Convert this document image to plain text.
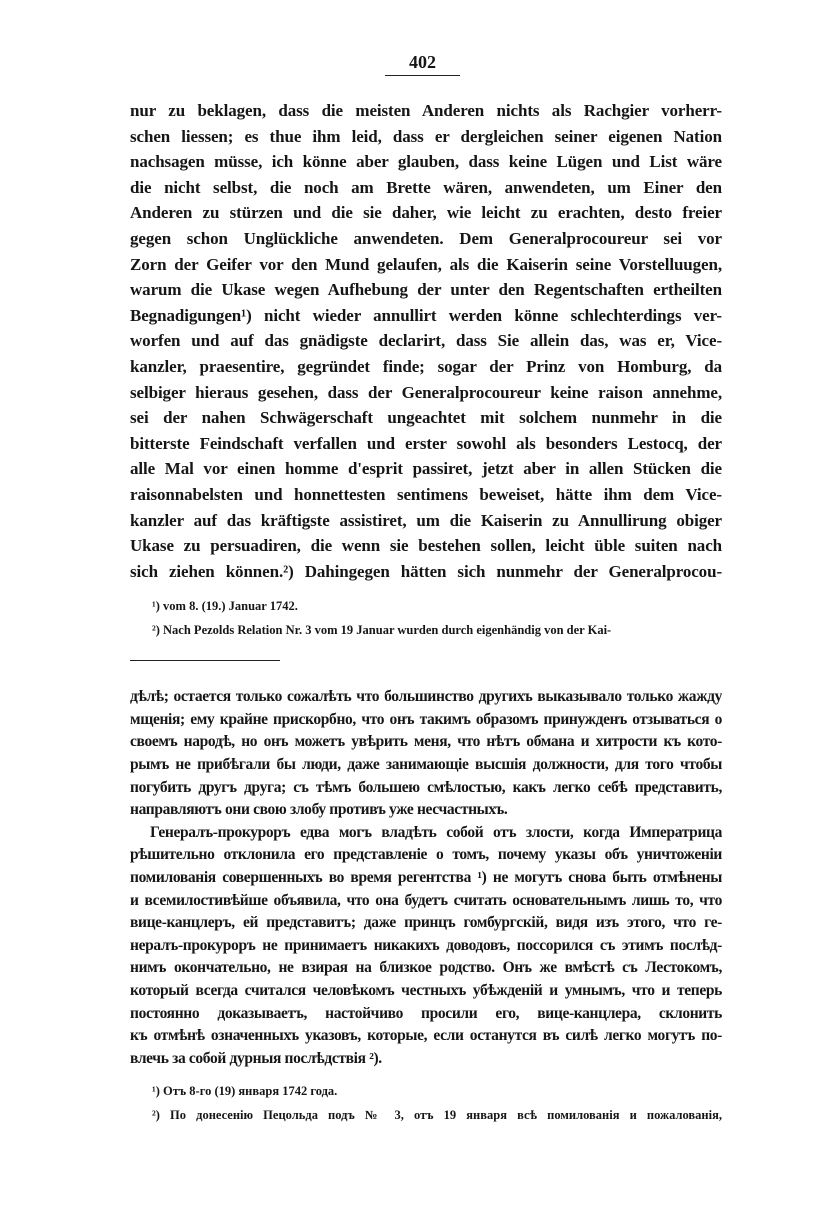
402
nur zu beklagen, dass die meisten Anderen nichts als Rachgier vorherr-
schen liessen; es thue ihm leid, dass er dergleichen seiner eigenen Nation
nachsagen müsse, ich könne aber glauben, dass keine Lügen und List wäre
die nicht selbst, die noch am Brette wären, anwendeten, um Einer den
Anderen zu stürzen und die sie daher, wie leicht zu erachten, desto freier
gegen schon Unglückliche anwendeten. Dem Generalprocoureur sei vor
Zorn der Geifer vor den Mund gelaufen, als die Kaiserin seine Vorstelluugen,
warum die Ukase wegen Aufhebung der unter den Regentschaften ertheilten
Begnadigungen¹) nicht wieder annullirt werden könne schlechterdings ver-
worfen und auf das gnädigste declarirt, dass Sie allein das, was er, Vice-
kanzler, praesentire, gegründet finde; sogar der Prinz von Homburg, da
selbiger hieraus gesehen, dass der Generalprocoureur keine raison annehme,
sei der nahen Schwägerschaft ungeachtet mit solchem nunmehr in die
bitterste Feindschaft verfallen und erster sowohl als besonders Lestocq, der
alle Mal vor einen homme d'esprit passiret, jetzt aber in allen Stücken die
raisonnabelsten und honnettesten sentimens beweiset, hätte ihm dem Vice-
kanzler auf das kräftigste assistiret, um die Kaiserin zu Annullirung obiger
Ukase zu persuadiren, die wenn sie bestehen sollen, leicht üble suiten nach
sich ziehen können.²) Dahingegen hätten sich nunmehr der Generalprocou-
¹) vom 8. (19.) Januar 1742.
²) Nach Pezolds Relation Nr. 3 vom 19 Januar wurden durch eigenhändig von der Kai-
дѣлѣ; остается только сожалѣть что большинство другихъ выказывало только жажду
мщенія; ему крайне прискорбно, что онъ такимъ образомъ принужденъ отзываться о
своемъ народѣ, но онъ можетъ увѣрить меня, что нѣтъ обмана и хитрости къ кото-
рымъ не прибѣгали бы люди, даже занимающіе высшія должности, для того чтобы
погубить другъ друга; съ тѣмъ большею смѣлостью, какъ легко себѣ представить,
направляютъ они свою злобу противъ уже несчастныхъ.
Генералъ-прокуроръ едва могъ владѣть собой отъ злости, когда Императрица
рѣшительно отклонила его представленіе о томъ, почему указы объ уничтоженіи
помилованія совершенныхъ во время регентства ¹) не могутъ снова быть отмѣнены
и всемилостивѣйше объявила, что она будетъ считать основательнымъ лишь то, что
вице-канцлеръ, ей представитъ; даже принцъ гомбургскій, видя изъ этого, что ге-
нералъ-прокуроръ не принимаетъ никакихъ доводовъ, поссорился съ этимъ послѣд-
нимъ окончательно, не взирая на близкое родство. Онъ же вмѣстѣ съ Лестокомъ,
который всегда считался человѣкомъ честныхъ убѣжденій и умнымъ, что и теперь
постоянно доказываетъ, настойчиво просили его, вице-канцлера, склонить
къ отмѣнѣ означенныхъ указовъ, которые, если останутся въ силѣ легко могутъ по-
влечь за собой дурныя послѣдствія ²).
¹) Отъ 8-го (19) января 1742 года.
²) По донесенію Пецольда подъ № 3, отъ 19 января всѣ помилованія и пожалованія,
